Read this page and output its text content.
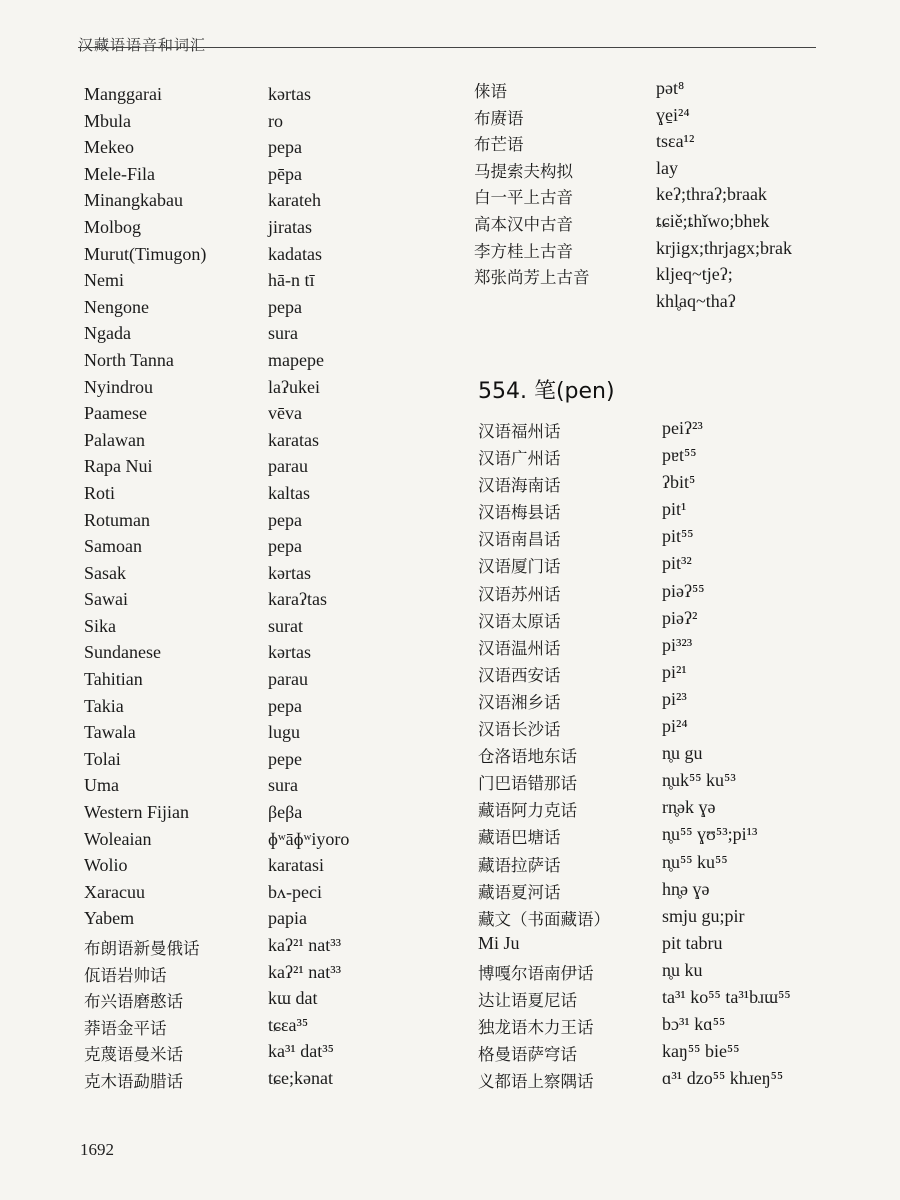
汉藏语语音和词汇
Manggarai	kərtas
Mbula	ro
Mekeo	pepa
Mele-Fila	pēpa
Minangkabau	karateh
Molbog	jiratas
Murut(Timugon)	kadatas
Nemi	hā-n tī
Nengone	pepa
Ngada	sura
North Tanna	mapepe
Nyindrou	laʔukei
Paamese	vēva
Palawan	karatas
Rapa Nui	parau
Roti	kaltas
Rotuman	pepa
Samoan	pepa
Sasak	kərtas
Sawai	karaʔtas
Sika	surat
Sundanese	kərtas
Tahitian	parau
Takia	pepa
Tawala	lugu
Tolai	pepe
Uma	sura
Western Fijian	βeβa
Woleaian	ɸʷāɸʷiyoro
Wolio	karatasi
Xaracuu	bʌ-peci
Yabem	papia
布朗语新曼俄话	kaʔ²¹ nat³³
佤语岩帅话	kaʔ²¹ nat³³
布兴语磨憨话	kɯ dat
莽语金平话	tɕɛa³⁵
克蔑语曼米话	ka³¹ dat³⁵
克木语勐腊话	tɕe;kənat
俫语	pət⁸
布赓语	ɣe̱i²⁴
布芒语	tsɛa¹²
马提索夫构拟	lay
白一平上古音	keʔ;thraʔ;braak
高本汉中古音	ȶɕiě;ȶhǐwo;bhɐk
李方桂上古音	krjigx;thrjagx;brak
郑张尚芳上古音	kljeq~tjeʔ;
khl̥aq~thaʔ
554. 笔(pen)
汉语福州话	peiʔ²³
汉语广州话	pɐt⁵⁵
汉语海南话	ʔbit⁵
汉语梅县话	pit¹
汉语南昌话	pit⁵⁵
汉语厦门话	pit³²
汉语苏州话	piəʔ⁵⁵
汉语太原话	piəʔ²
汉语温州话	pi³²³
汉语西安话	pi²¹
汉语湘乡话	pi²³
汉语长沙话	pi²⁴
仓洛语地东话	n̥u gu
门巴语错那话	n̥uk⁵⁵ ku⁵³
藏语阿力克话	rn̥ək ɣə
藏语巴塘话	n̥u⁵⁵ ɣʊ⁵³;pi¹³
藏语拉萨话	n̥u⁵⁵ ku⁵⁵
藏语夏河话	hn̥ə ɣə
藏文（书面藏语）	smju gu;pir
Mi Ju	pit tabru
博嘎尔语南伊话	n̥u ku
达让语夏尼话	ta³¹ ko⁵⁵ ta³¹bɹɯ⁵⁵
独龙语木力王话	bɔ³¹ kɑ⁵⁵
格曼语萨穹话	kaŋ⁵⁵ bie⁵⁵
义都语上察隅话	ɑ³¹ dzo⁵⁵ khɹeŋ⁵⁵
1692
